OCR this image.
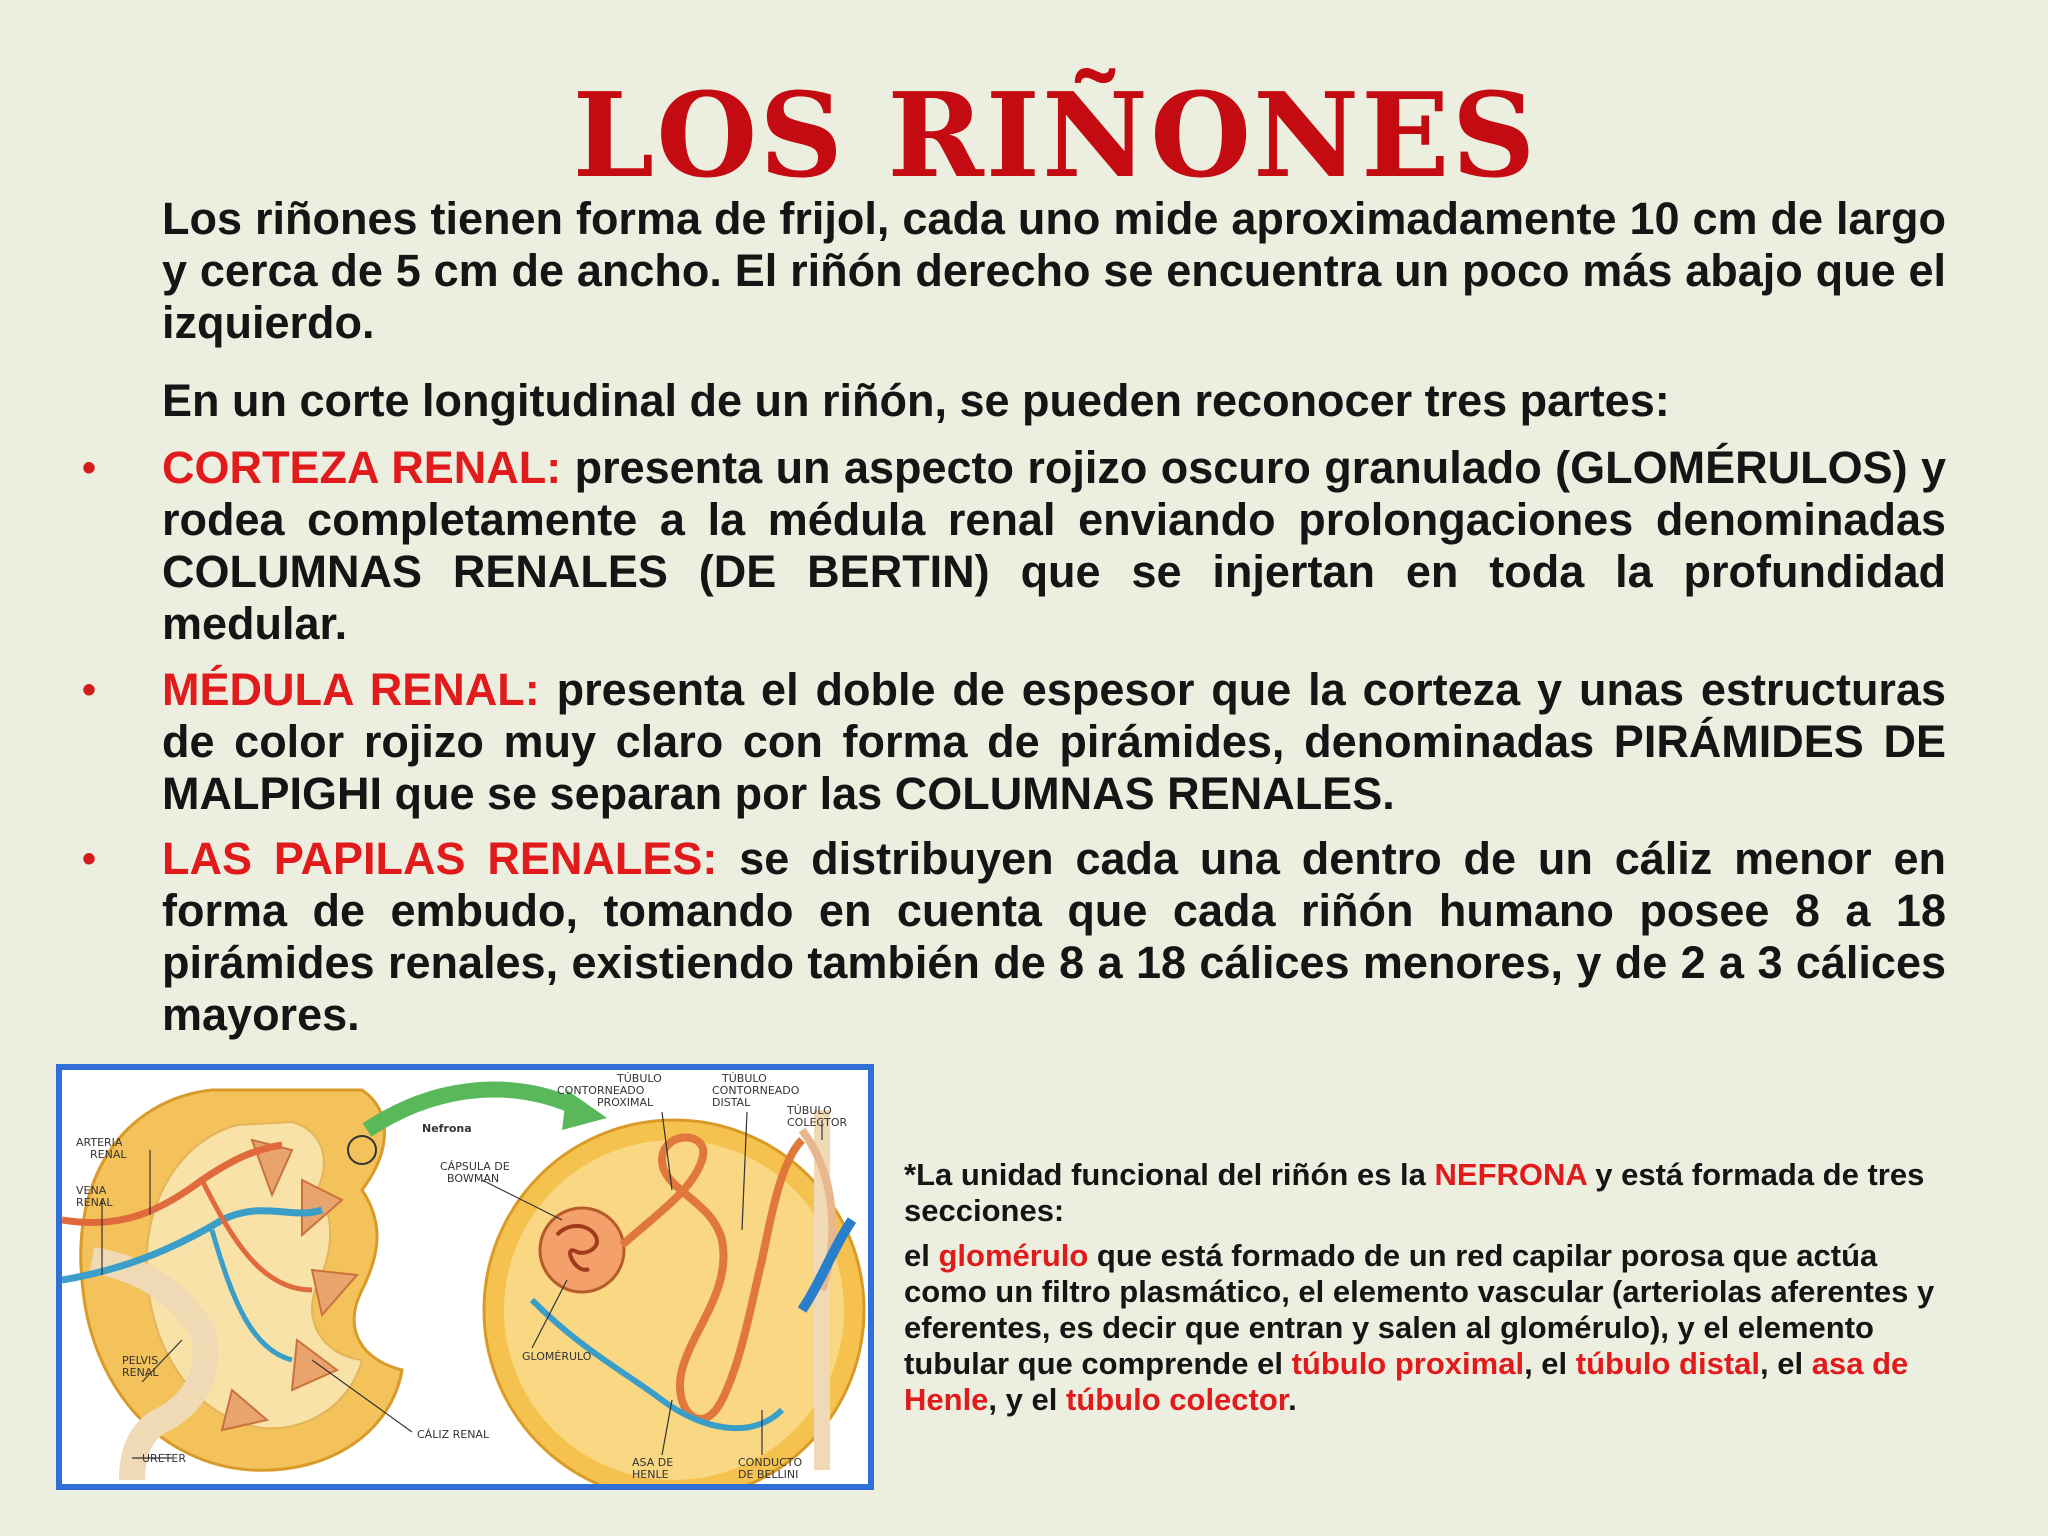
LOS RIÑONES

Los riñones tienen forma de frijol, cada uno mide aproximadamente 10 cm de largo y cerca de 5 cm de ancho. El riñón derecho se encuentra un poco más abajo que el izquierdo.

En un corte longitudinal de un riñón, se pueden reconocer tres partes:

• CORTEZA RENAL: presenta un aspecto rojizo oscuro granulado (GLOMÉRULOS) y rodea completamente a la médula renal enviando prolongaciones denominadas COLUMNAS RENALES (DE BERTIN) que se injertan en toda la profundidad medular.

• MÉDULA RENAL: presenta el doble de espesor que la corteza y unas estructuras de color rojizo muy claro con forma de pirámides, denominadas PIRÁMIDES DE MALPIGHI que se separan por las COLUMNAS RENALES.

• LAS PAPILAS RENALES: se distribuyen cada una dentro de un cáliz menor en forma de embudo, tomando en cuenta que cada riñón humano posee 8 a 18 pirámides renales, existiendo también de 8 a 18 cálices menores, y de 2 a 3 cálices mayores.

ARTERIA
RENAL
VENA
RENAL
PELVIS
RENAL
URETER
CÁLIZ RENAL
Nefrona
CÁPSULA DE
BOWMAN
GLOMÉRULO
TÚBULO
CONTORNEADO
PROXIMAL
TÚBULO
CONTORNEADO
DISTAL
TÚBULO
COLECTOR
ASA DE
HENLE
CONDUCTO
DE BELLINI

*La unidad funcional del riñón es la NEFRONA y está formada de tres secciones:

el glomérulo que está formado de un red capilar porosa que actúa como un filtro plasmático, el elemento vascular (arteriolas aferentes y eferentes, es decir que entran y salen al glomérulo), y el elemento tubular que comprende el túbulo proximal, el túbulo distal, el asa de Henle, y el túbulo colector.
